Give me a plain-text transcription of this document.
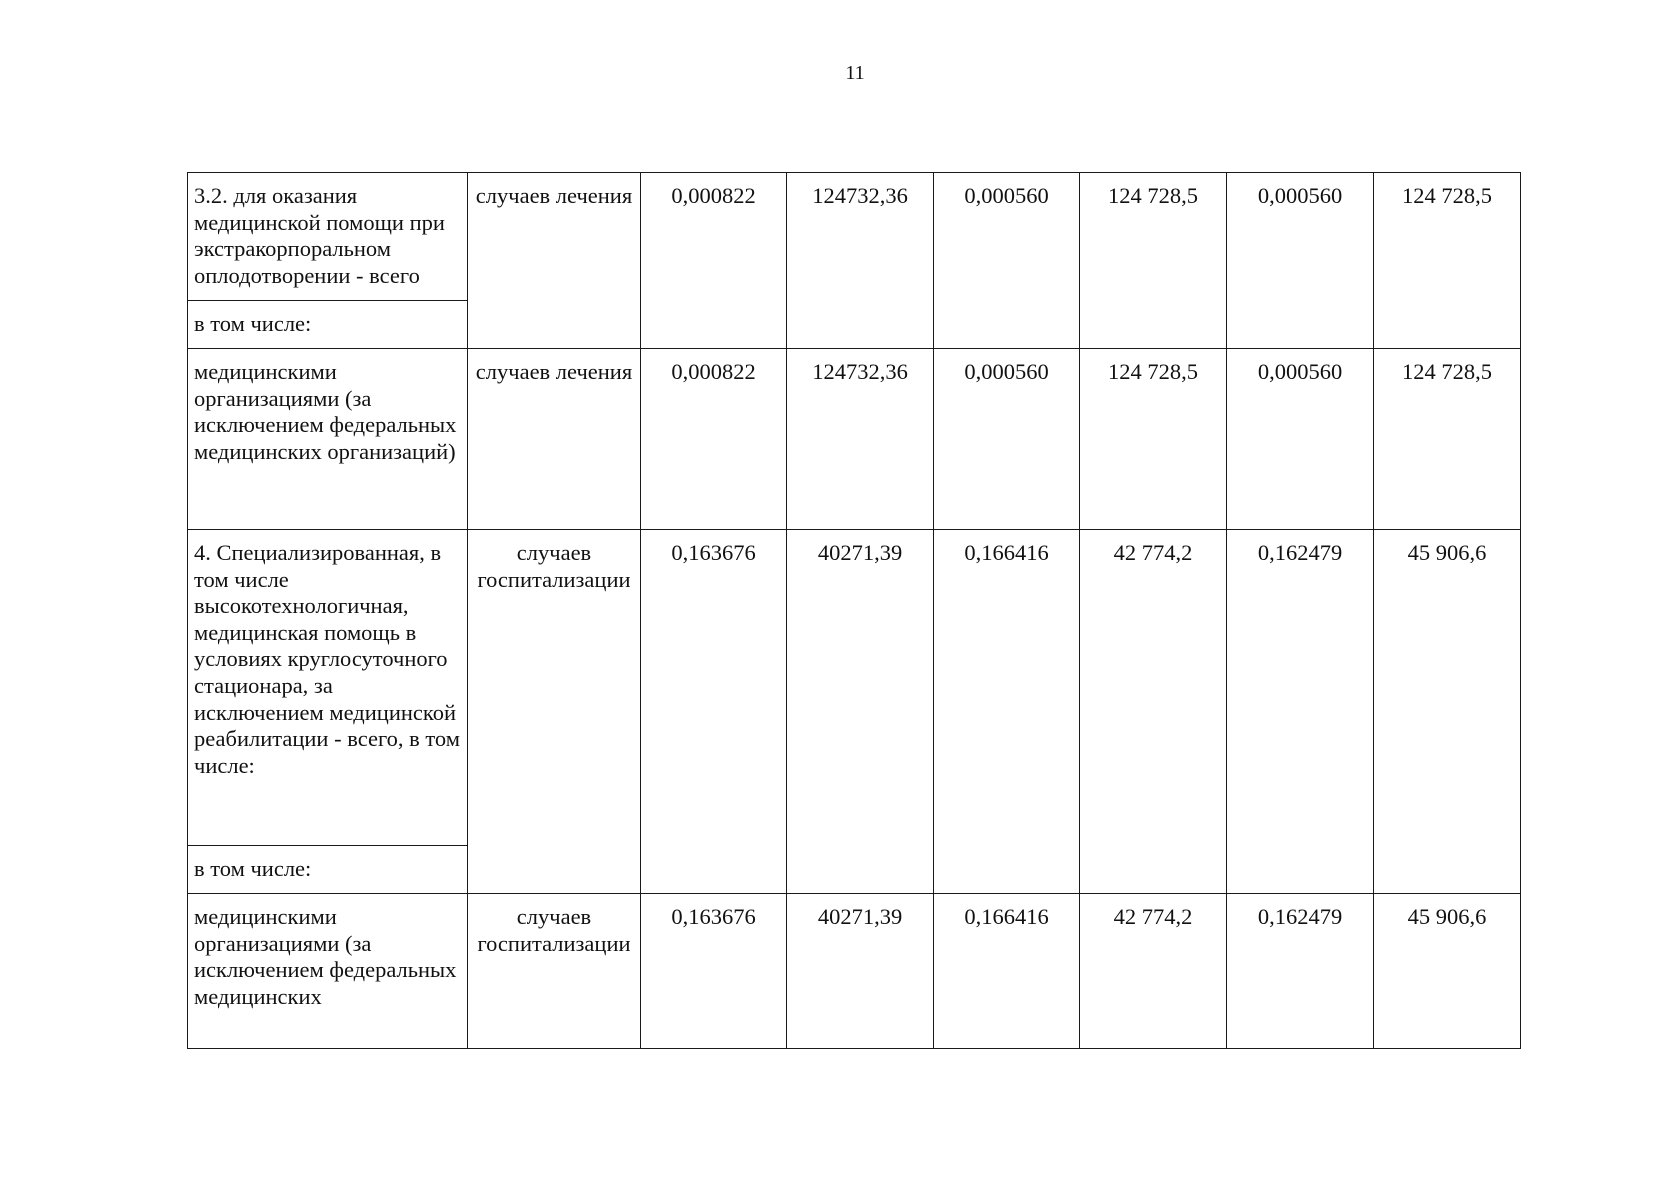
11
3.2. для оказания медицинской помощи при экстракорпоральном оплодотворении - всего	случаев лечения	0,000822	124732,36	0,000560	124 728,5	0,000560	124 728,5
в том числе:							
медицинскими организациями (за исключением федеральных медицинских организаций)	случаев лечения	0,000822	124732,36	0,000560	124 728,5	0,000560	124 728,5
4. Специализированная, в том числе высокотехнологичная, медицинская помощь в условиях круглосуточного стационара, за исключением медицинской реабилитации - всего, в том числе:	случаев госпитализации	0,163676	40271,39	0,166416	42 774,2	0,162479	45 906,6
в том числе:							
медицинскими организациями (за исключением федеральных медицинских	случаев госпитализации	0,163676	40271,39	0,166416	42 774,2	0,162479	45 906,6
